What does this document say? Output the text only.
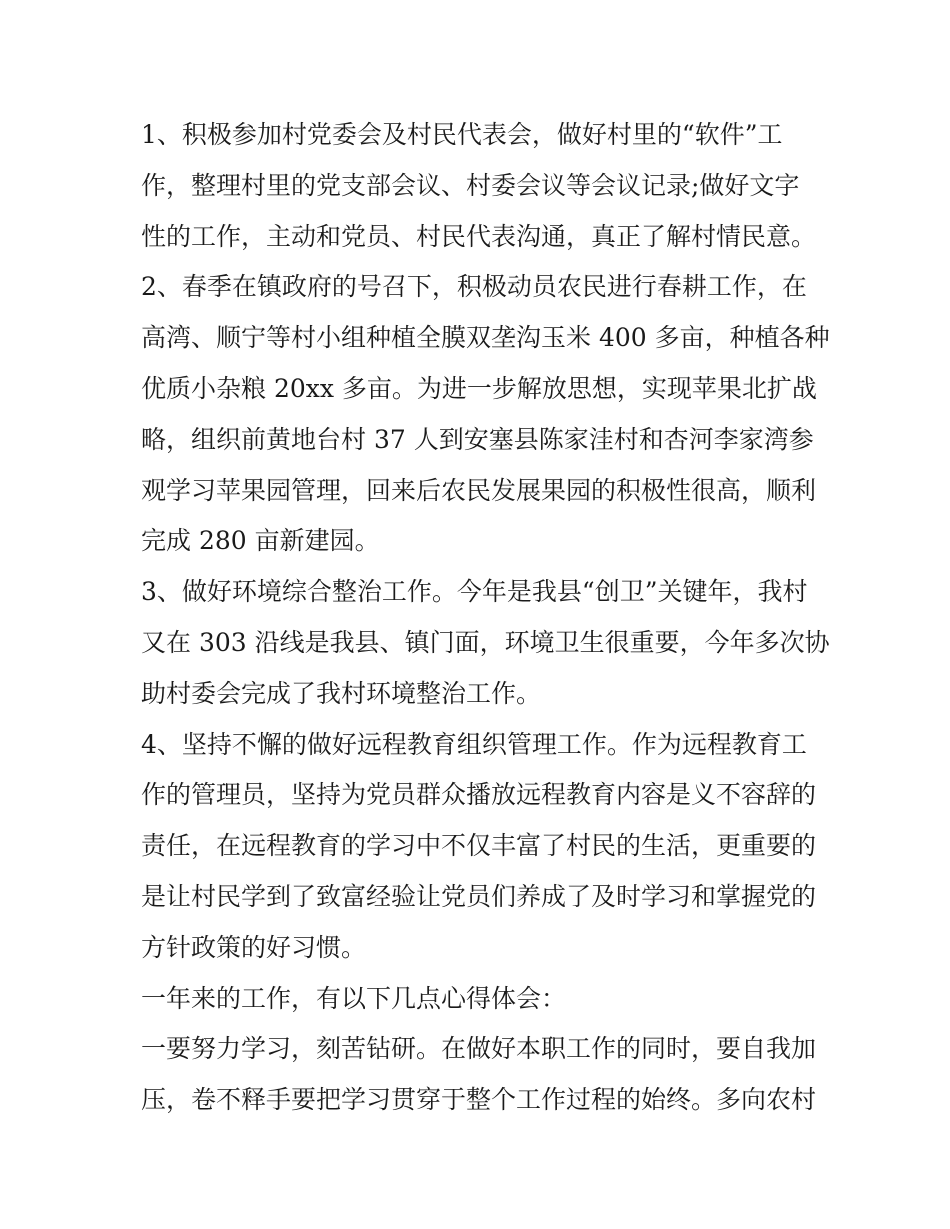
1、积极参加村党委会及村民代表会，做好村里的“软件”工
作，整理村里的党支部会议、村委会议等会议记录;做好文字
性的工作，主动和党员、村民代表沟通，真正了解村情民意。
2、春季在镇政府的号召下，积极动员农民进行春耕工作，在
高湾、顺宁等村小组种植全膜双垄沟玉米 400 多亩，种植各种
优质小杂粮 20xx 多亩。为进一步解放思想，实现苹果北扩战
略，组织前黄地台村 37 人到安塞县陈家洼村和杏河李家湾参
观学习苹果园管理，回来后农民发展果园的积极性很高，顺利
完成 280 亩新建园。
3、做好环境综合整治工作。今年是我县“创卫”关键年，我村
又在 303 沿线是我县、镇门面，环境卫生很重要，今年多次协
助村委会完成了我村环境整治工作。
4、坚持不懈的做好远程教育组织管理工作。作为远程教育工
作的管理员，坚持为党员群众播放远程教育内容是义不容辞的
责任，在远程教育的学习中不仅丰富了村民的生活，更重要的
是让村民学到了致富经验让党员们养成了及时学习和掌握党的
方针政策的好习惯。
一年来的工作，有以下几点心得体会：
一要努力学习，刻苦钻研。在做好本职工作的同时，要自我加
压，卷不释手要把学习贯穿于整个工作过程的始终。多向农村
